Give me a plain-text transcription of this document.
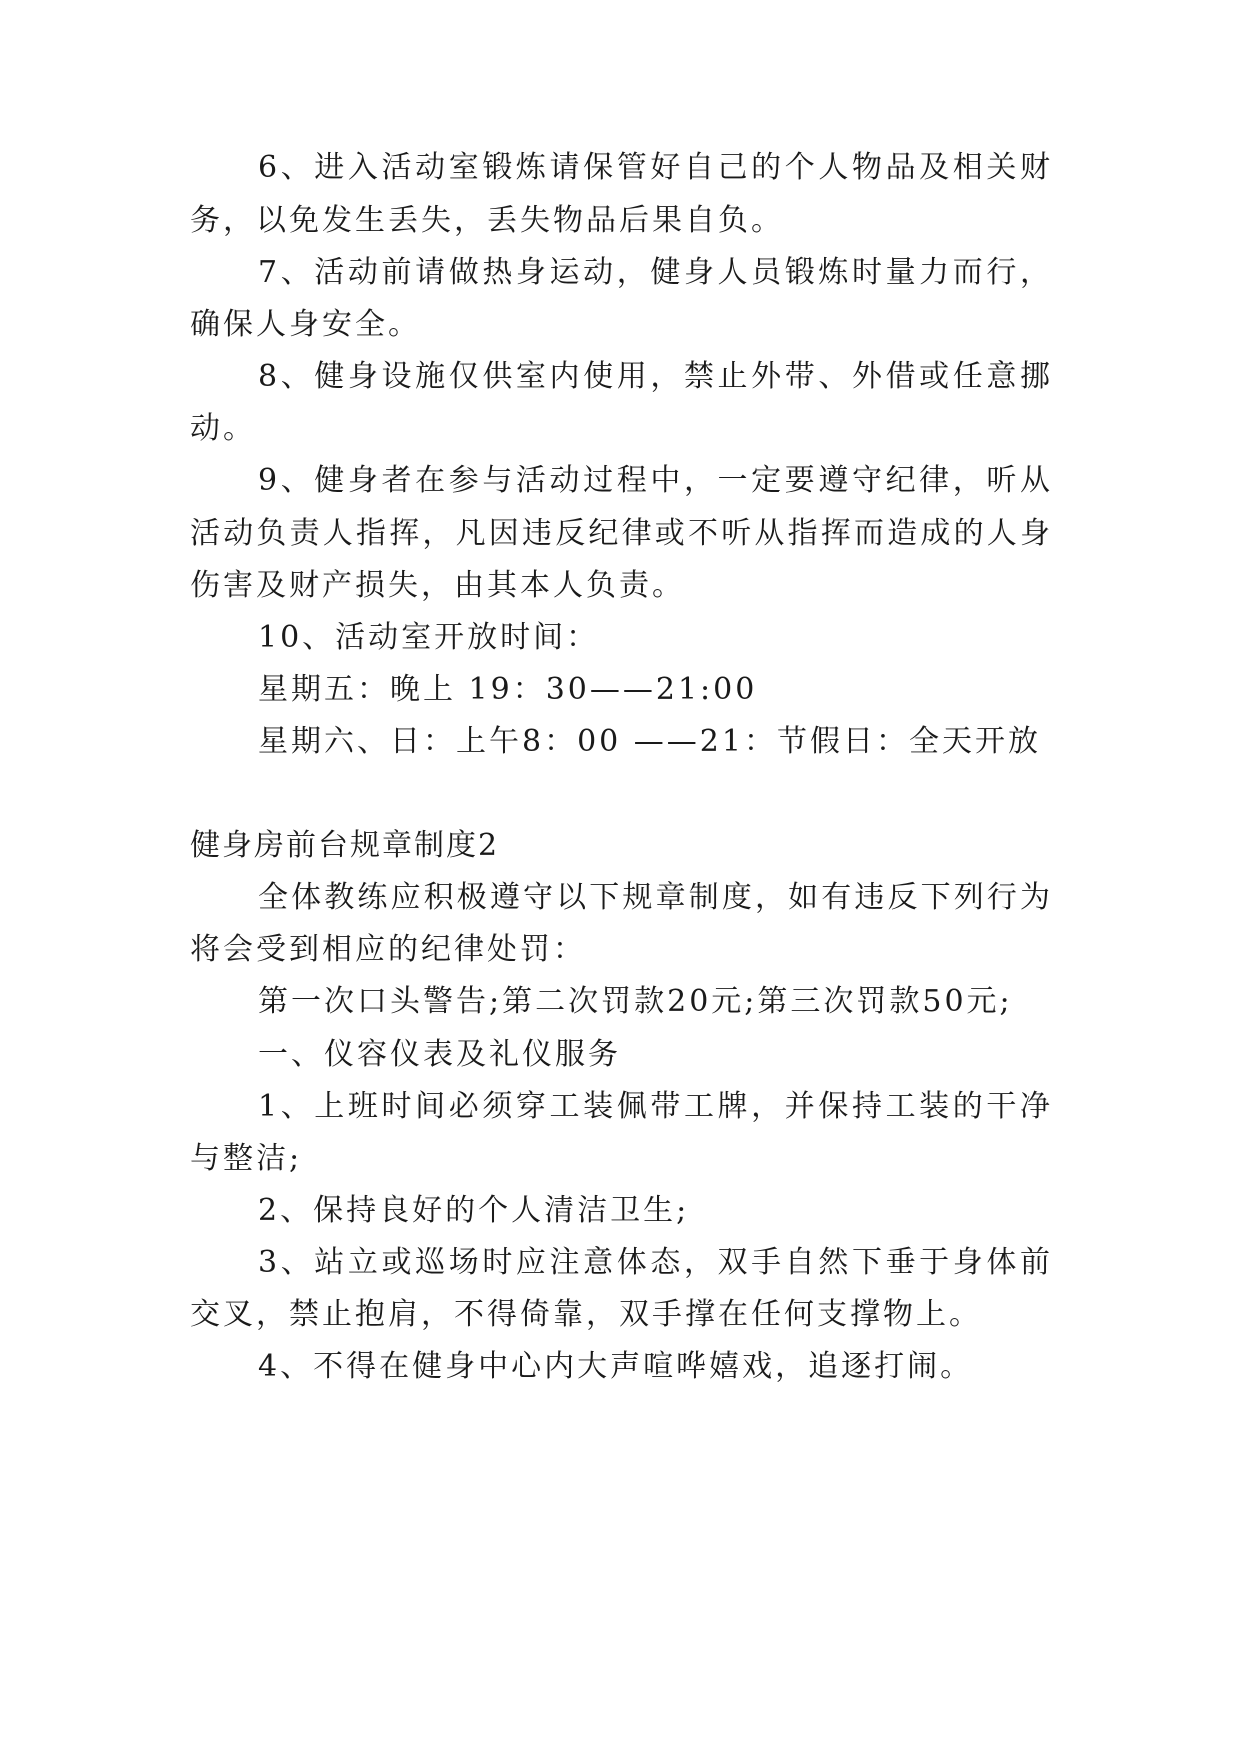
6、进入活动室锻炼请保管好自己的个人物品及相关财
务，以免发生丢失，丢失物品后果自负。
7、活动前请做热身运动，健身人员锻炼时量力而行，
确保人身安全。
8、健身设施仅供室内使用，禁止外带、外借或任意挪
动。
9、健身者在参与活动过程中，一定要遵守纪律，听从
活动负责人指挥，凡因违反纪律或不听从指挥而造成的人身
伤害及财产损失，由其本人负责。
10、活动室开放时间：
星期五：晚上 19：30——21:00
星期六、日：上午8：00 ——21：节假日：全天开放
健身房前台规章制度2
全体教练应积极遵守以下规章制度，如有违反下列行为
将会受到相应的纪律处罚：
第一次口头警告;第二次罚款20元;第三次罚款50元;
一、仪容仪表及礼仪服务
1、上班时间必须穿工装佩带工牌，并保持工装的干净
与整洁;
2、保持良好的个人清洁卫生;
3、站立或巡场时应注意体态，双手自然下垂于身体前
交叉，禁止抱肩，不得倚靠，双手撑在任何支撑物上。
4、不得在健身中心内大声喧哗嬉戏，追逐打闹。
